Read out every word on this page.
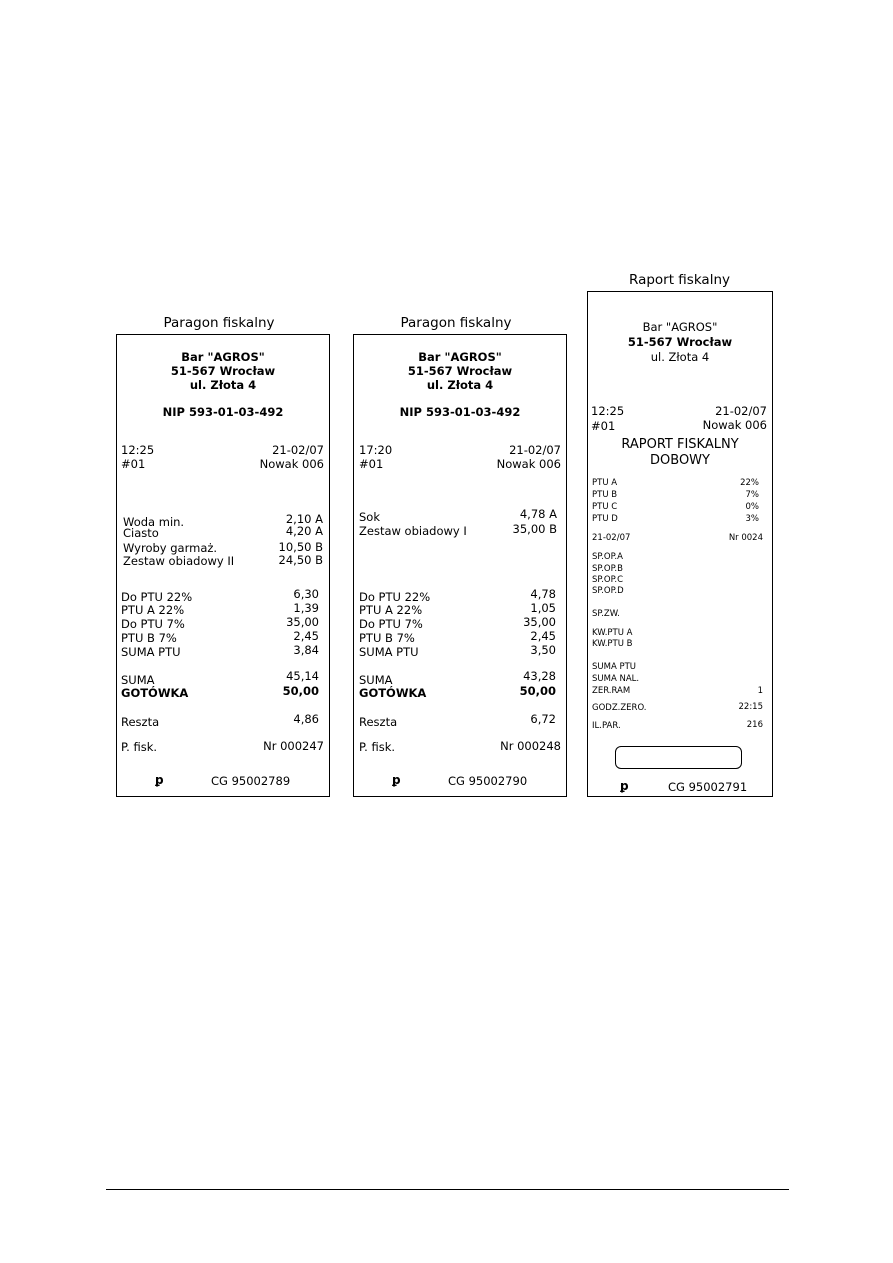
Paragon fiskalny
Bar "AGROS"
51-567 Wrocław
ul. Złota 4
NIP 593-01-03-492
12:25	21-02/07
#01	Nowak 006
Woda min.	2,10 A
Ciasto	4,20 A
Wyroby garmaż.	10,50 B
Zestaw obiadowy II	24,50 B
Do PTU 22%	6,30
PTU A 22%	1,39
Do PTU 7%	35,00
PTU B 7%	2,45
SUMA PTU	3,84
SUMA	45,14
GOTÓWKA	50,00
Reszta	4,86
P. fisk.	Nr 000247
ꝑ	CG 95002789
Paragon fiskalny
Bar "AGROS"
51-567 Wrocław
ul. Złota 4
NIP 593-01-03-492
17:20	21-02/07
#01	Nowak 006
Sok	4,78 A
Zestaw obiadowy I	35,00 B
Do PTU 22%	4,78
PTU A 22%	1,05
Do PTU 7%	35,00
PTU B 7%	2,45
SUMA PTU	3,50
SUMA	43,28
GOTÓWKA	50,00
Reszta	6,72
P. fisk.	Nr 000248
ꝑ	CG 95002790
Raport fiskalny
Bar "AGROS"
51-567 Wrocław
ul. Złota 4
12:25	21-02/07
#01	Nowak 006
RAPORT FISKALNY
DOBOWY
PTU A	22%
PTU B	7%
PTU C	0%
PTU D	3%
21-02/07	Nr 0024
SP.OP.A
SP.OP.B
SP.OP.C
SP.OP.D
SP.ZW.
KW.PTU A
KW.PTU B
SUMA PTU
SUMA NAL.
ZER.RAM	1
GODZ.ZERO.	22:15
IL.PAR.	216
ꝑ	CG 95002791
